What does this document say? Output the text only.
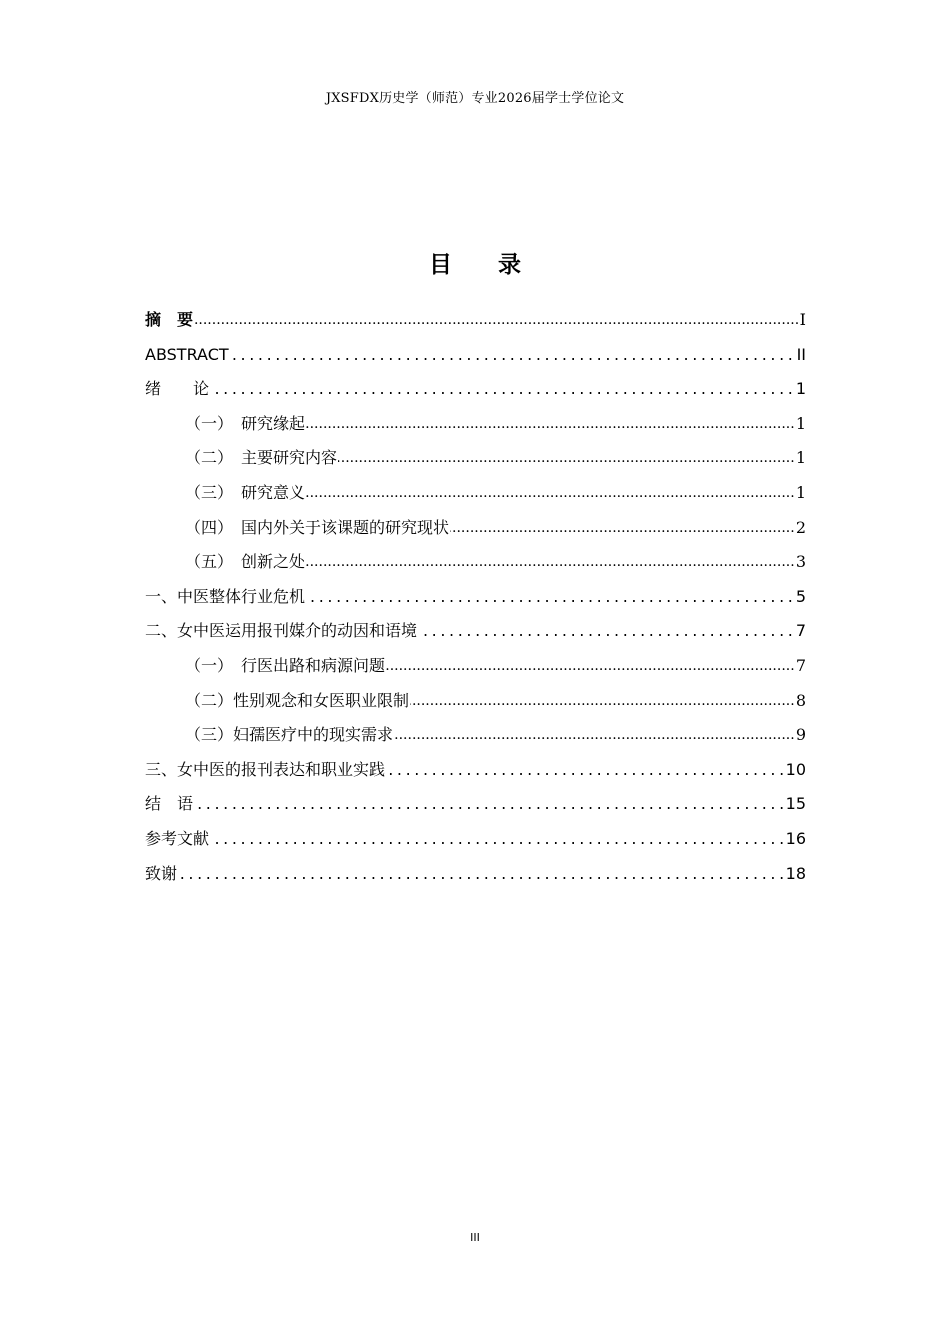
JXSFDX历史学（师范）专业2026届学士学位论文
目录
摘　要 .....	I
ABSTRACT .....	II
绪　　论 .....	1
（一）　研究缘起 .....	1
（二）　主要研究内容 .....	1
（三）　研究意义 .....	1
（四）　国内外关于该课题的研究现状 .....	2
（五）　创新之处 .....	3
一、中医整体行业危机 .....	5
二、女中医运用报刊媒介的动因和语境 .....	7
（一）　行医出路和病源问题 .....	7
（二）性别观念和女医职业限制 .....	8
（三）妇孺医疗中的现实需求 .....	9
三、女中医的报刊表达和职业实践 .....	10
结　语 .....	15
参考文献 .....	16
致谢 .....	18
III
